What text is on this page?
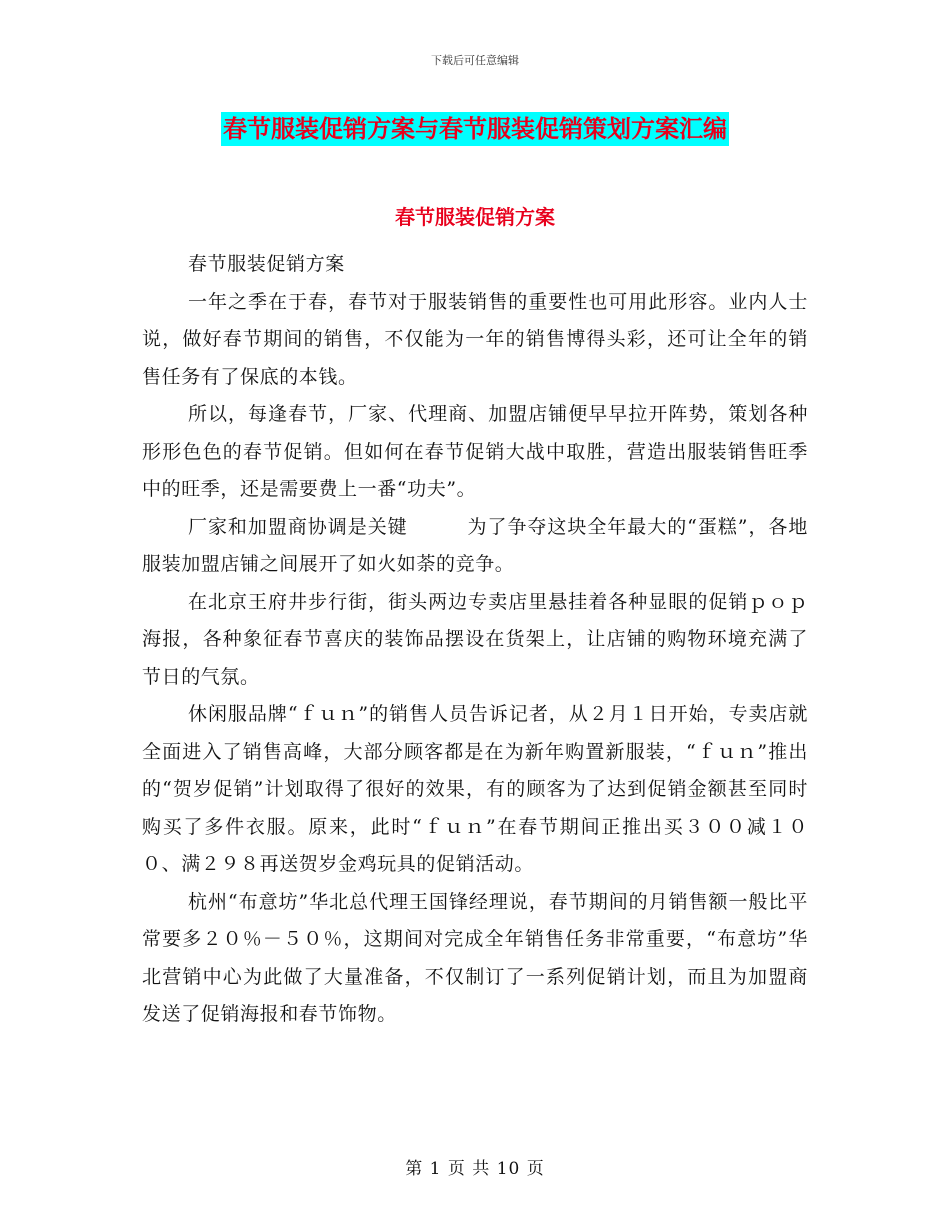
下载后可任意编辑
春节服装促销方案与春节服装促销策划方案汇编
春节服装促销方案

春节服装促销方案

一年之季在于春，春节对于服装销售的重要性也可用此形容。业内人士　说，做好春节期间的销售，不仅能为一年的销售博得头彩，还可让全年的销售任务有了保底的本钱。

所以，每逢春节，厂家、代理商、加盟店铺便早早拉开阵势，策划各种形形色色的春节促销。但如何在春节促销大战中取胜，营造出服装销售旺季中的旺季，还是需要费上一番“功夫”。

厂家和加盟商协调是关键　　　为了争夺这块全年最大的“蛋糕”，各地服装加盟店铺之间展开了如火如荼的竞争。

在北京王府井步行街，街头两边专卖店里悬挂着各种显眼的促销ｐｏｐ海报，各种象征春节喜庆的装饰品摆设在货架上，让店铺的购物环境充满了节日的气氛。

休闲服品牌“ｆｕｎ”的销售人员告诉记者，从２月１日开始，专卖店就全面进入了销售高峰，大部分顾客都是在为新年购置新服装，“ｆｕｎ”推出的“贺岁促销”计划取得了很好的效果，有的顾客为了达到促销金额甚至同时购买了多件衣服。原来，此时“ｆｕｎ”在春节期间正推出买３００减１００、满２９８再送贺岁金鸡玩具的促销活动。

杭州“布意坊”华北总代理王国锋经理说，春节期间的月销售额一般比平常要多２０％－５０％，这期间对完成全年销售任务非常重要，“布意坊”华北营销中心为此做了大量准备，不仅制订了一系列促销计划，而且为加盟商发送了促销海报和春节饰物。

第 1 页 共 10 页
